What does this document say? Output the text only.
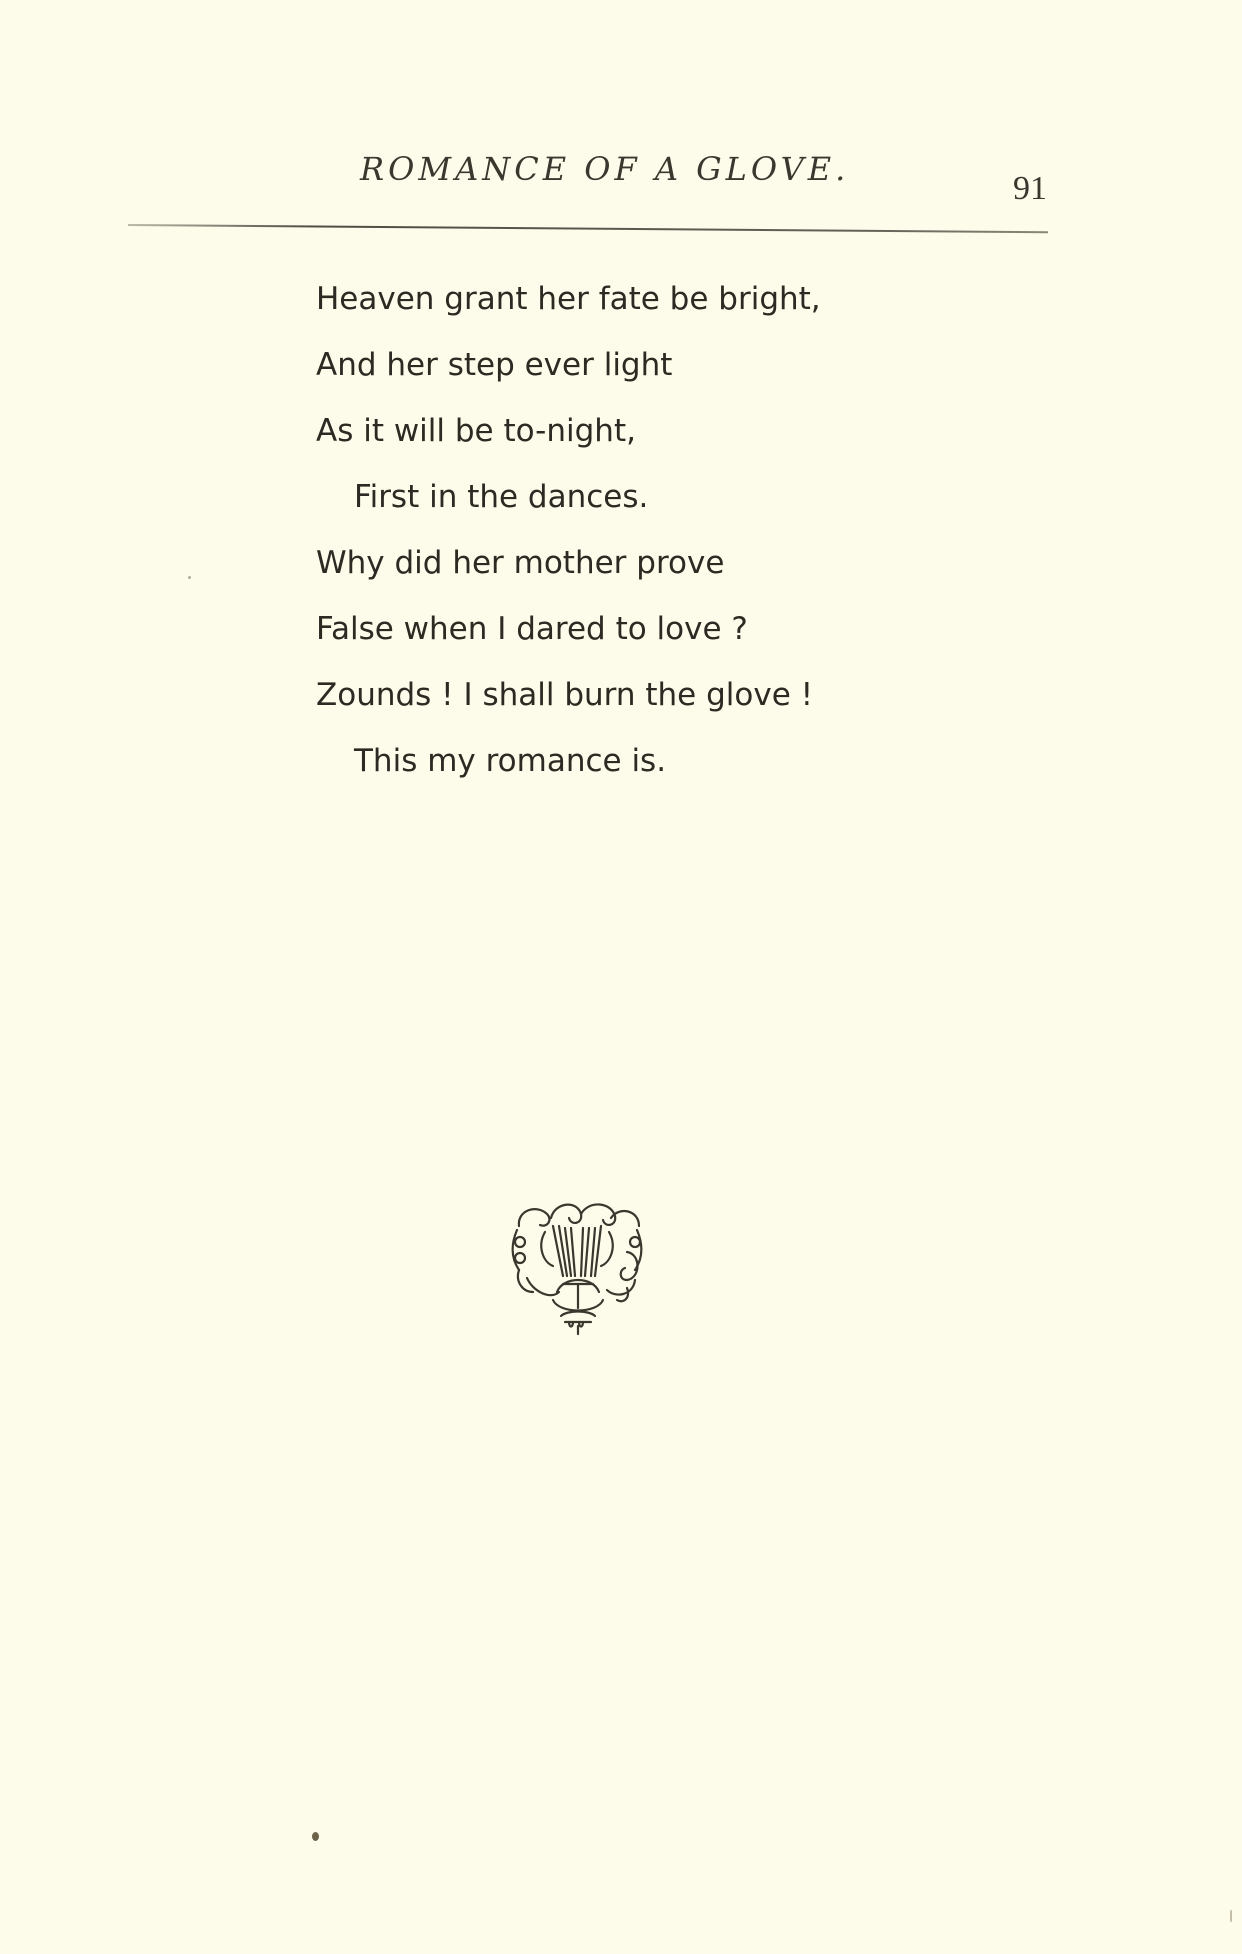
ROMANCE OF A GLOVE.
91
Heaven grant her fate be bright,
And her step ever light
As it will be to-night,
First in the dances.
Why did her mother prove
False when I dared to love ?
Zounds ! I shall burn the glove !
This my romance is.
